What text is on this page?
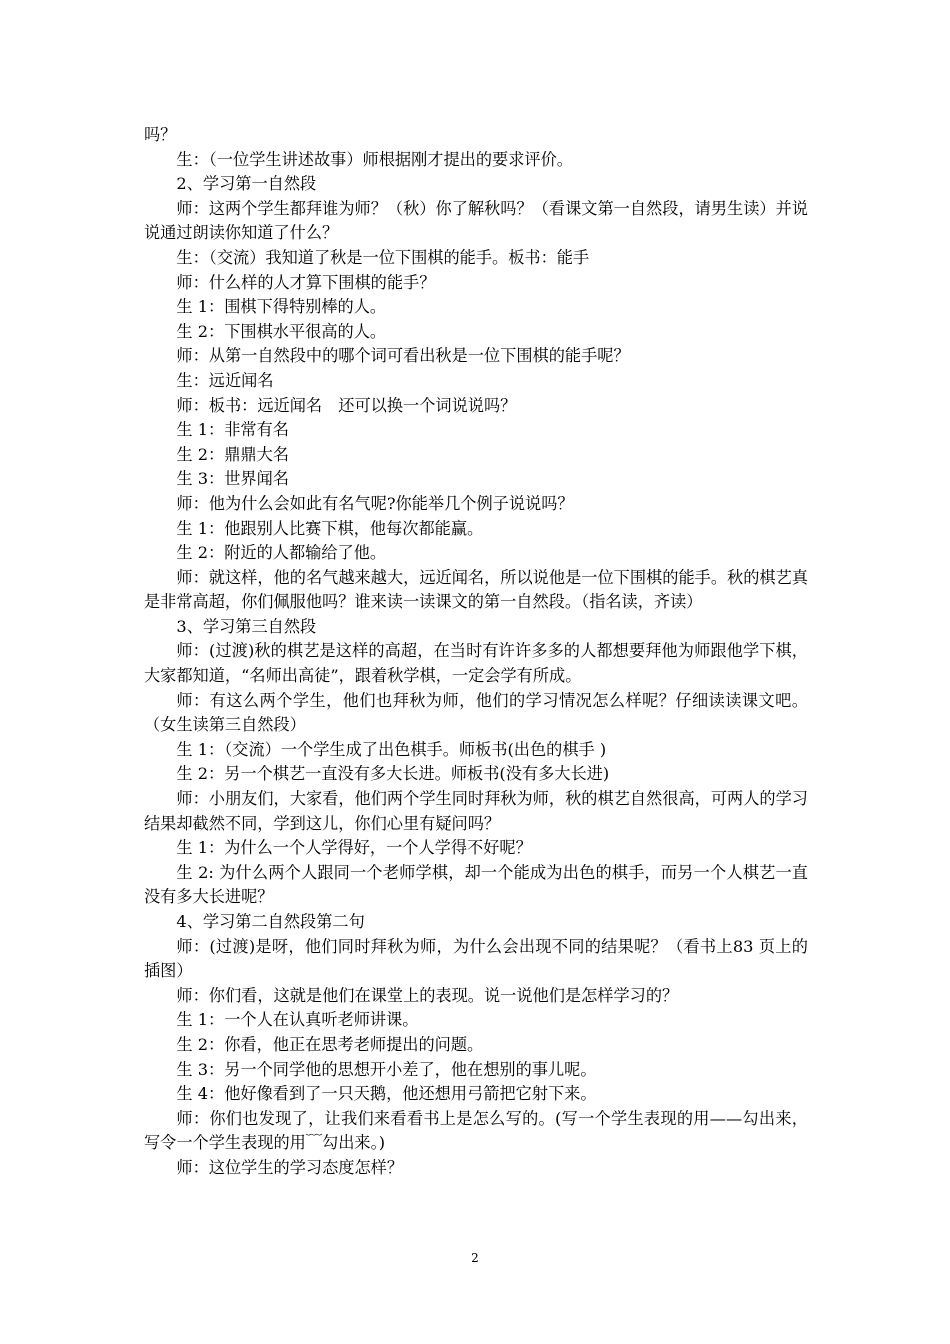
吗？

生：（一位学生讲述故事）师根据刚才提出的要求评价。

2、学习第一自然段

师：这两个学生都拜谁为师？（秋）你了解秋吗？（看课文第一自然段，请男生读）并说说通过朗读你知道了什么？

生：（交流）我知道了秋是一位下围棋的能手。板书：能手

师：什么样的人才算下围棋的能手？

生 1：围棋下得特别棒的人。

生 2：下围棋水平很高的人。

师：从第一自然段中的哪个词可看出秋是一位下围棋的能手呢？

生：远近闻名

师：板书：远近闻名　还可以换一个词说说吗？

生 1：非常有名

生 2：鼎鼎大名

生 3：世界闻名

师：他为什么会如此有名气呢?你能举几个例子说说吗？

生 1：他跟别人比赛下棋，他每次都能赢。

生 2：附近的人都输给了他。

师：就这样，他的名气越来越大，远近闻名，所以说他是一位下围棋的能手。秋的棋艺真是非常高超，你们佩服他吗？谁来读一读课文的第一自然段。（指名读，齐读）

3、学习第三自然段

师：(过渡)秋的棋艺是这样的高超，在当时有许许多多的人都想要拜他为师跟他学下棋，大家都知道，“名师出高徒”，跟着秋学棋，一定会学有所成。

师：有这么两个学生，他们也拜秋为师，他们的学习情况怎么样呢？仔细读读课文吧。（女生读第三自然段）

生 1：（交流）一个学生成了出色棋手。师板书(出色的棋手 )

生 2：另一个棋艺一直没有多大长进。师板书(没有多大长进)

师：小朋友们，大家看，他们两个学生同时拜秋为师，秋的棋艺自然很高，可两人的学习结果却截然不同，学到这儿，你们心里有疑问吗？

生 1：为什么一个人学得好，一个人学得不好呢？

生 2: 为什么两个人跟同一个老师学棋，却一个能成为出色的棋手，而另一个人棋艺一直没有多大长进呢？

4、学习第二自然段第二句

师：(过渡)是呀，他们同时拜秋为师，为什么会出现不同的结果呢？（看书上83 页上的插图）

师：你们看，这就是他们在课堂上的表现。说一说他们是怎样学习的？

生 1：一个人在认真听老师讲课。

生 2：你看，他正在思考老师提出的问题。

生 3：另一个同学他的思想开小差了，他在想别的事儿呢。

生 4：他好像看到了一只天鹅，他还想用弓箭把它射下来。

师：你们也发现了，让我们来看看书上是怎么写的。(写一个学生表现的用——勾出来，写令一个学生表现的用﹋勾出来。)

师：这位学生的学习态度怎样？

2
